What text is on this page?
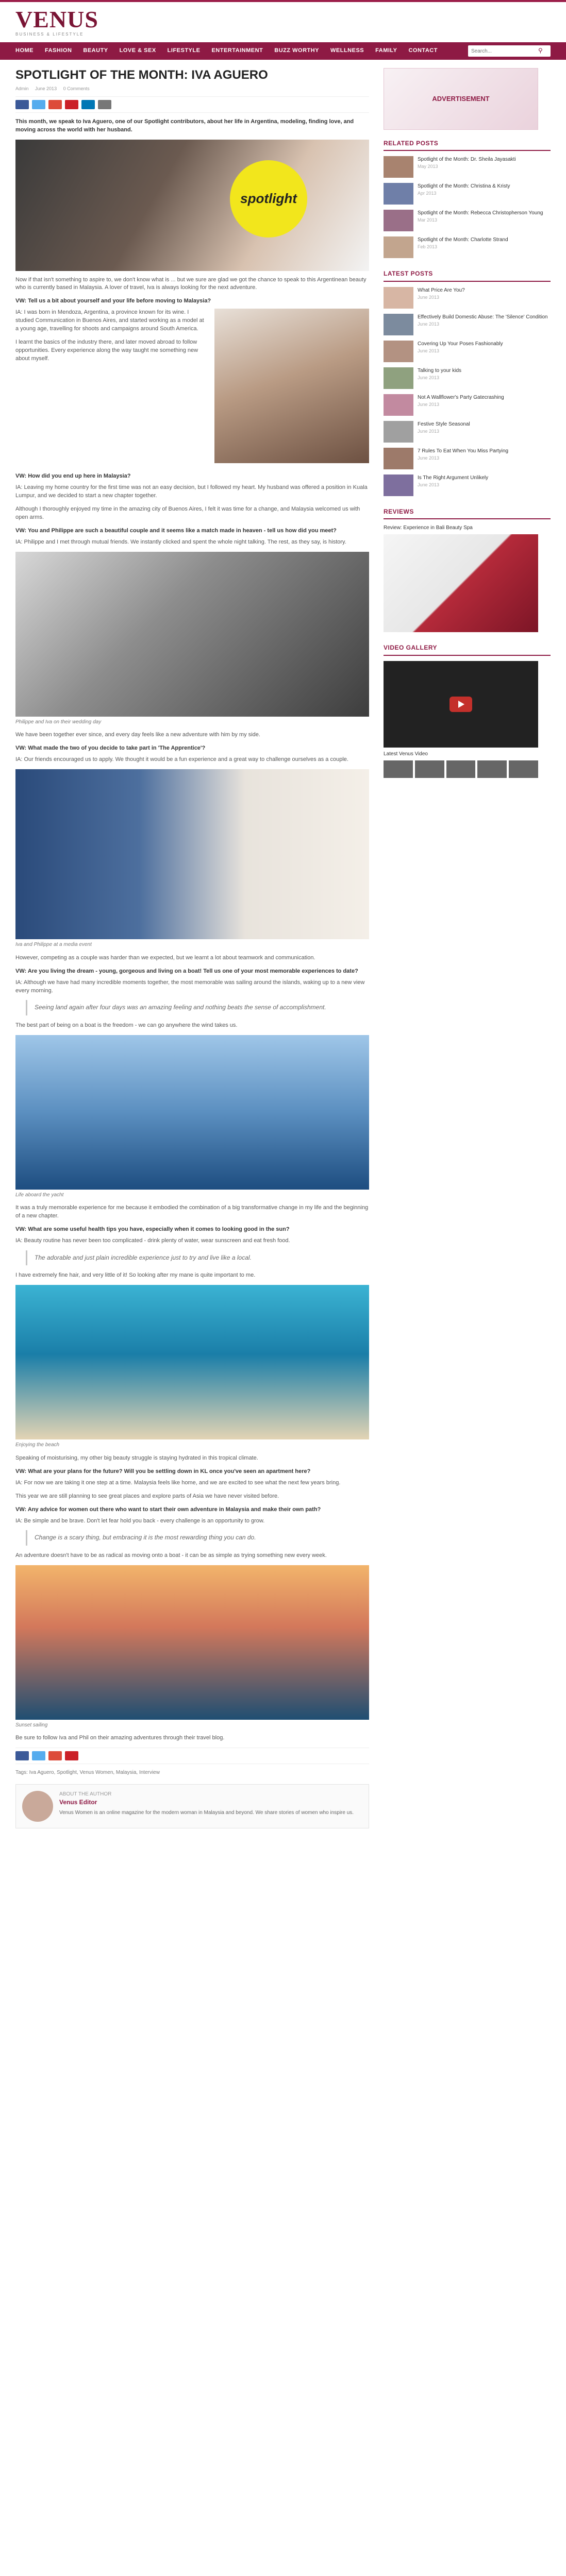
VENUS
BUSINESS & LIFESTYLE
HOME FASHION BEAUTY LOVE & SEX LIFESTYLE ENTERTAINMENT BUZZ WORTHY WELLNESS FAMILY CONTACT
Search...	⚲
SPOTLIGHT OF THE MONTH: IVA AGUERO
Admin June 2013 0 Comments

This month, we speak to Iva Aguero, one of our Spotlight contributors, about her life in Argentina, modeling, finding love, and moving across the world with her husband.

spotlight

Now if that isn't something to aspire to, we don't know what is ... but we sure are glad we got the chance to speak to this Argentinean beauty who is currently based in Malaysia. A lover of travel, Iva is always looking for the next adventure.

VW: Tell us a bit about yourself and your life before moving to Malaysia?

IA: I was born in Mendoza, Argentina, a province known for its wine. I studied Communication in Buenos Aires, and started working as a model at a young age, travelling for shoots and campaigns around South America.

I learnt the basics of the industry there, and later moved abroad to follow opportunities. Every experience along the way taught me something new about myself.

VW: How did you end up here in Malaysia?

IA: Leaving my home country for the first time was not an easy decision, but I followed my heart. My husband was offered a position in Kuala Lumpur, and we decided to start a new chapter together.

Although I thoroughly enjoyed my time in the amazing city of Buenos Aires, I felt it was time for a change, and Malaysia welcomed us with open arms.

VW: You and Philippe are such a beautiful couple and it seems like a match made in heaven - tell us how did you meet?

IA: Philippe and I met through mutual friends. We instantly clicked and spent the whole night talking. The rest, as they say, is history.

Philippe and Iva on their wedding day

We have been together ever since, and every day feels like a new adventure with him by my side.

VW: What made the two of you decide to take part in 'The Apprentice'?

IA: Our friends encouraged us to apply. We thought it would be a fun experience and a great way to challenge ourselves as a couple.

Iva and Philippe at a media event

However, competing as a couple was harder than we expected, but we learnt a lot about teamwork and communication.

VW: Are you living the dream - young, gorgeous and living on a boat! Tell us one of your most memorable experiences to date?

IA: Although we have had many incredible moments together, the most memorable was sailing around the islands, waking up to a new view every morning.

Seeing land again after four days was an amazing feeling and nothing beats the sense of accomplishment.

The best part of being on a boat is the freedom - we can go anywhere the wind takes us.

Life aboard the yacht

It was a truly memorable experience for me because it embodied the combination of a big transformative change in my life and the beginning of a new chapter.

VW: What are some useful health tips you have, especially when it comes to looking good in the sun?

IA: Beauty routine has never been too complicated - drink plenty of water, wear sunscreen and eat fresh food.

The adorable and just plain incredible experience just to try and live like a local.

I have extremely fine hair, and very little of it! So looking after my mane is quite important to me.

Enjoying the beach

Speaking of moisturising, my other big beauty struggle is staying hydrated in this tropical climate.

VW: What are your plans for the future? Will you be settling down in KL once you've seen an apartment here?

IA: For now we are taking it one step at a time. Malaysia feels like home, and we are excited to see what the next few years bring.

This year we are still planning to see great places and explore parts of Asia we have never visited before.

VW: Any advice for women out there who want to start their own adventure in Malaysia and make their own path?

IA: Be simple and be brave. Don't let fear hold you back - every challenge is an opportunity to grow.

Change is a scary thing, but embracing it is the most rewarding thing you can do.

An adventure doesn't have to be as radical as moving onto a boat - it can be as simple as trying something new every week.

Sunset sailing

Be sure to follow Iva and Phil on their amazing adventures through their travel blog.

Tags: Iva Aguero, Spotlight, Venus Women, Malaysia, Interview

ABOUT THE AUTHOR
Venus Editor
Venus Women is an online magazine for the modern woman in Malaysia and beyond. We share stories of women who inspire us.
ADVERTISEMENT
RELATED POSTS
Spotlight of the Month: Dr. Sheila Jayasakti
May 2013
Spotlight of the Month: Christina & Kristy
Apr 2013
Spotlight of the Month: Rebecca Christopherson Young
Mar 2013
Spotlight of the Month: Charlotte Strand
Feb 2013
LATEST POSTS
What Price Are You?
June 2013
Effectively Build Domestic Abuse: The 'Silence' Condition
June 2013
Covering Up Your Poses Fashionably
June 2013
Talking to your kids
June 2013
Not A Wallflower's Party Gatecrashing
June 2013
Festive Style Seasonal
June 2013
7 Rules To Eat When You Miss Partying
June 2013
Is The Right Argument Unlikely
June 2013
REVIEWS
Review: Experience in Bali Beauty Spa
VIDEO GALLERY
Latest Venus Video
